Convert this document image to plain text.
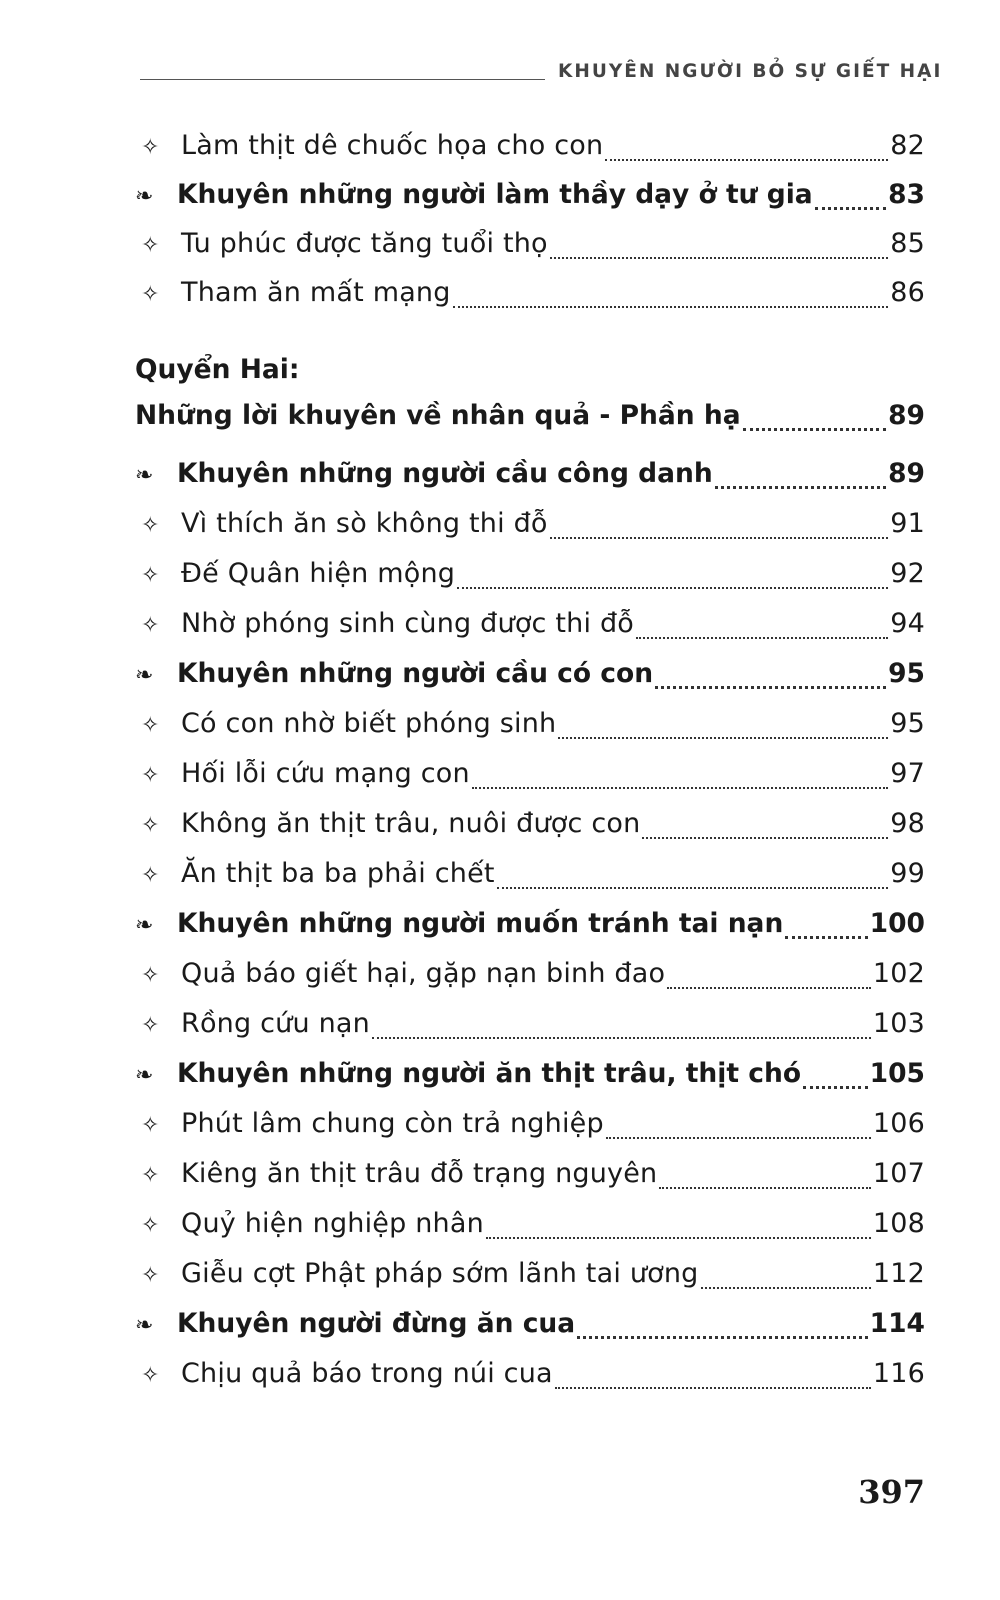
KHUYÊN NGƯỜI BỎ SỰ GIẾT HẠI
✧ Làm thịt dê chuốc họa cho con	82
❧ Khuyên những người làm thầy dạy ở tư gia	83
✧ Tu phúc được tăng tuổi thọ	85
✧ Tham ăn mất mạng	86
Quyển Hai:
Những lời khuyên về nhân quả - Phần hạ	89
❧ Khuyên những người cầu công danh	89
✧ Vì thích ăn sò không thi đỗ	91
✧ Đế Quân hiện mộng	92
✧ Nhờ phóng sinh cùng được thi đỗ	94
❧ Khuyên những người cầu có con	95
✧ Có con nhờ biết phóng sinh	95
✧ Hối lỗi cứu mạng con	97
✧ Không ăn thịt trâu, nuôi được con	98
✧ Ăn thịt ba ba phải chết	99
❧ Khuyên những người muốn tránh tai nạn	100
✧ Quả báo giết hại, gặp nạn binh đao	102
✧ Rồng cứu nạn	103
❧ Khuyên những người ăn thịt trâu, thịt chó	105
✧ Phút lâm chung còn trả nghiệp	106
✧ Kiêng ăn thịt trâu đỗ trạng nguyên	107
✧ Quỷ hiện nghiệp nhân	108
✧ Giễu cợt Phật pháp sớm lãnh tai ương	112
❧ Khuyên người đừng ăn cua	114
✧ Chịu quả báo trong núi cua	116
397
